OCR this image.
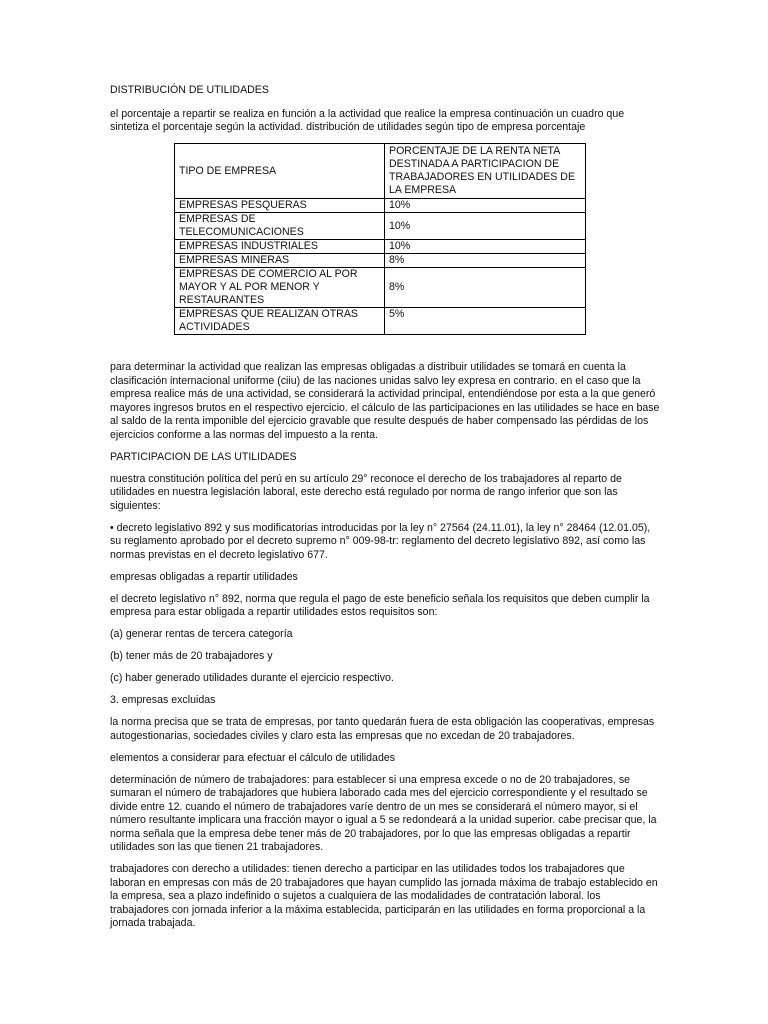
DISTRIBUCIÓN DE UTILIDADES

el porcentaje a repartir se realiza en función a la actividad que realice la empresa continuación un cuadro que sintetiza el porcentaje según la actividad. distribución de utilidades según tipo de empresa porcentaje

TIPO DE EMPRESA	PORCENTAJE DE LA RENTA NETA DESTINADA A PARTICIPACION DE TRABAJADORES EN UTILIDADES DE LA EMPRESA
EMPRESAS PESQUERAS	10%
EMPRESAS DE TELECOMUNICACIONES	10%
EMPRESAS INDUSTRIALES	10%
EMPRESAS MINERAS	8%
EMPRESAS DE COMERCIO AL POR MAYOR Y AL POR MENOR Y RESTAURANTES	8%
EMPRESAS QUE REALIZAN OTRAS ACTIVIDADES	5%

para determinar la actividad que realizan las empresas obligadas a distribuir utilidades se tomará en cuenta la clasificación internacional uniforme (ciiu) de las naciones unidas salvo ley expresa en contrario. en el caso que la empresa realice más de una actividad, se considerará la actividad principal, entendiéndose por esta a la que generó mayores ingresos brutos en el respectivo ejercicio. el cálculo de las participaciones en las utilidades se hace en base al saldo de la renta imponible del ejercicio gravable que resulte después de haber compensado las pérdidas de los ejercicios conforme a las normas del impuesto a la renta.

PARTICIPACION DE LAS UTILIDADES

nuestra constitución política del perú en su artículo 29° reconoce el derecho de los trabajadores al reparto de utilidades en nuestra legislación laboral, este derecho está regulado por norma de rango inferior que son las siguientes:

• decreto legislativo 892 y sus modificatorias introducidas por la ley n° 27564 (24.11.01), la ley n° 28464 (12.01.05), su reglamento aprobado por el decreto supremo n° 009-98-tr: reglamento del decreto legislativo 892, así como las normas previstas en el decreto legislativo 677.

empresas obligadas a repartir utilidades

el decreto legislativo n° 892, norma que regula el pago de este beneficio señala los requisitos que deben cumplir la empresa para estar obligada a repartir utilidades estos requisitos son:

(a) generar rentas de tercera categoría

(b) tener más de 20 trabajadores y

(c) haber generado utilidades durante el ejercicio respectivo.

3. empresas excluidas

la norma precisa que se trata de empresas, por tanto quedarán fuera de esta obligación las cooperativas, empresas autogestionarias, sociedades civiles y claro esta las empresas que no excedan de 20 trabajadores.

elementos a considerar para efectuar el cálculo de utilidades

determinación de número de trabajadores: para establecer si una empresa excede o no de 20 trabajadores, se sumaran el número de trabajadores que hubiera laborado cada mes del ejercicio correspondiente y el resultado se divide entre 12. cuando el número de trabajadores varíe dentro de un mes se considerará el número mayor, si el número resultante implicara una fracción mayor o igual a 5 se redondeará a la unidad superior. cabe precisar que, la norma señala que la empresa debe tener más de 20 trabajadores, por lo que las empresas obligadas a repartir utilidades son las que tienen 21 trabajadores.

trabajadores con derecho a utilidades: tienen derecho a participar en las utilidades todos los trabajadores que laboran en empresas con más de 20 trabajadores que hayan cumplido las jornada máxima de trabajo establecido en la empresa, sea a plazo indefinido o sujetos a cualquiera de las modalidades de contratación laboral. los trabajadores con jornada inferior a la máxima establecida, participarán en las utilidades en forma proporcional a la jornada trabajada.
